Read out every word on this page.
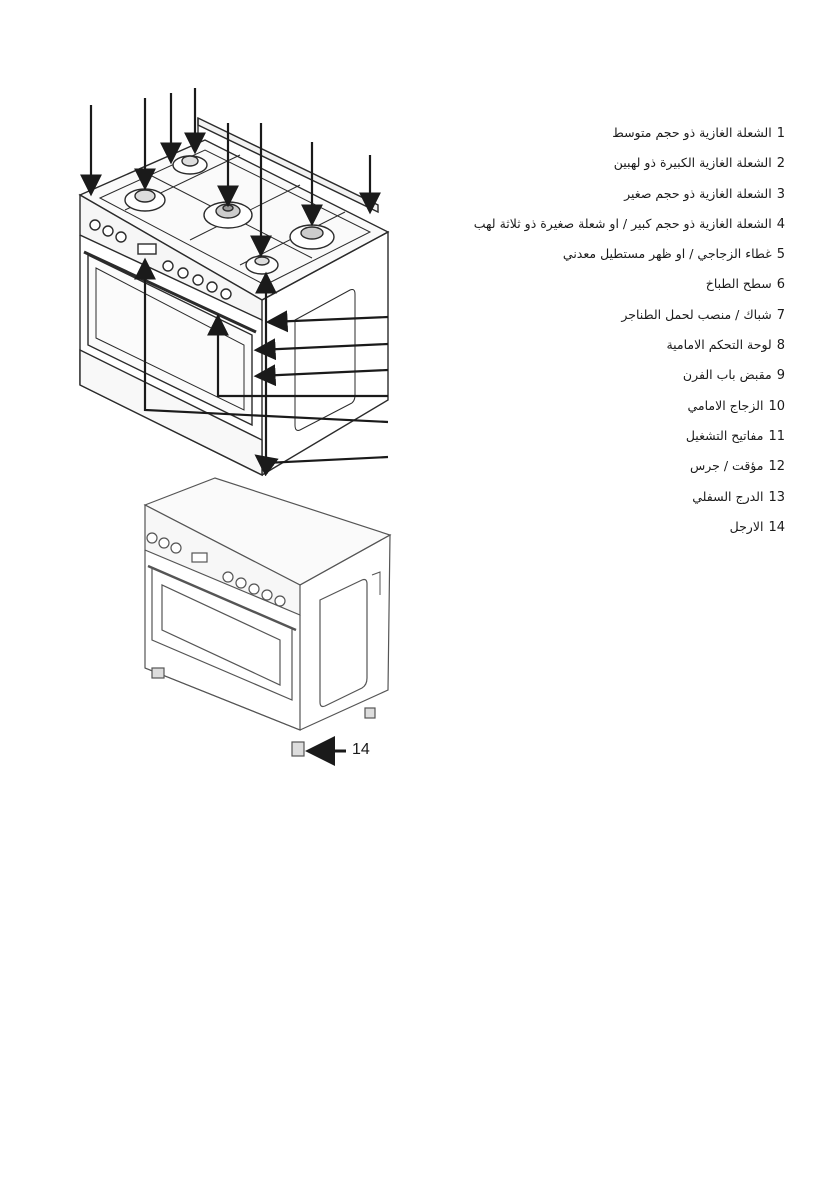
14
1الشعلة الغازية ذو حجم متوسط
2الشعلة الغازية الكبيرة ذو لهبين
3الشعلة الغازية ذو حجم صغير
4الشعلة الغازية ذو حجم كبير / او شعلة صغيرة ذو ثلاثة لهب
5غطاء الزجاجي / او ظهر مستطيل معدني
6سطح الطباخ
7شباك / منصب لحمل الطناجر
8لوحة التحكم الامامية
9مقبض باب الفرن
10الزجاج الامامي
11مفاتيح التشغيل
12مؤقت / جرس
13الدرج السفلي
14الارجل
